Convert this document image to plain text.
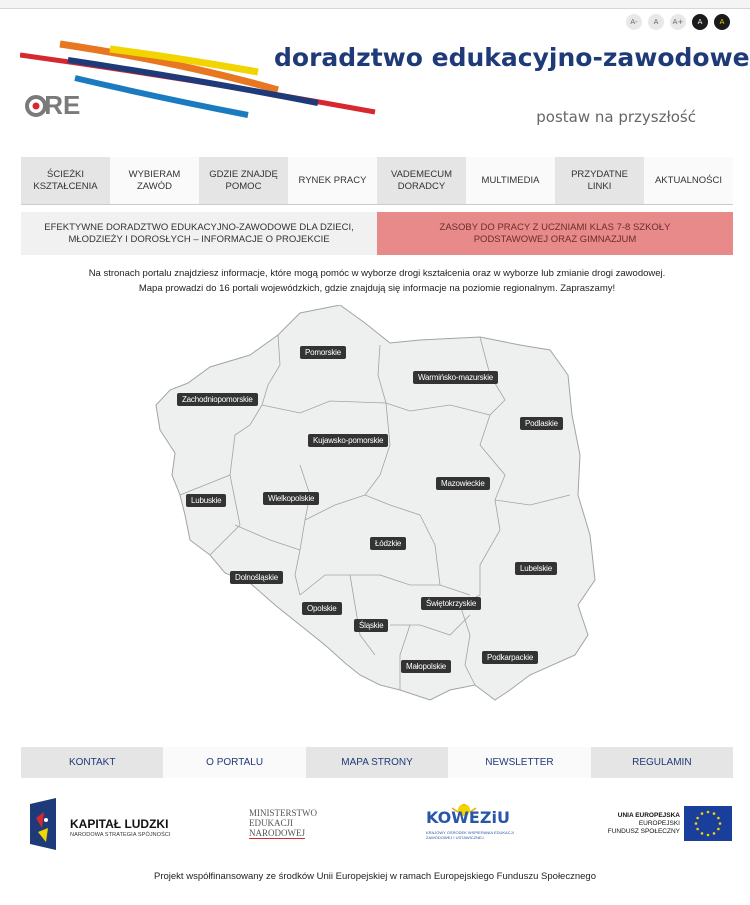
A-	A	A+	A	A
RE
doradztwo edukacyjno-zawodowe
postaw na przyszłość
ŚCIEŻKI KSZTAŁCENIA
WYBIERAM ZAWÓD
GDZIE ZNAJDĘ POMOC
RYNEK PRACY
VADEMECUM DORADCY
MULTIMEDIA
PRZYDATNE LINKI
AKTUALNOŚCI
EFEKTYWNE DORADZTWO EDUKACYJNO-ZAWODOWE DLA DZIECI, MŁODZIEŻY I DOROSŁYCH – INFORMACJE O PROJEKCIE
ZASOBY DO PRACY Z UCZNIAMI KLAS 7-8 SZKOŁY PODSTAWOWEJ ORAZ GIMNAZJUM
Na stronach portalu znajdziesz informacje, które mogą pomóc w wyborze drogi kształcenia oraz w wyborze lub zmianie drogi zawodowej.
Mapa prowadzi do 16 portali wojewódzkich, gdzie znajdują się informacje na poziomie regionalnym. Zapraszamy!
Pomorskie
Warmińsko-mazurskie
Zachodniopomorskie
Podlaskie
Kujawsko-pomorskie
Mazowieckie
Lubuskie	Wielkopolskie
Łódzkie
Lubelskie
Dolnośląskie
Świętokrzyskie
Opolskie
Śląskie
Podkarpackie
Małopolskie
KONTAKT	O PORTALU	MAPA STRONY	NEWSLETTER	REGULAMIN
KAPITAŁ LUDZKI
NARODOWA STRATEGIA SPÓJNOŚCI
MINISTERSTWO
EDUKACJI
NARODOWEJ
KOWEZiU
KRAJOWY OŚRODEK WSPIERANIA EDUKACJI ZAWODOWEJ I USTAWICZNEJ
UNIA EUROPEJSKA
EUROPEJSKI
FUNDUSZ SPOŁECZNY
Projekt współfinansowany ze środków Unii Europejskiej w ramach Europejskiego Funduszu Społecznego
